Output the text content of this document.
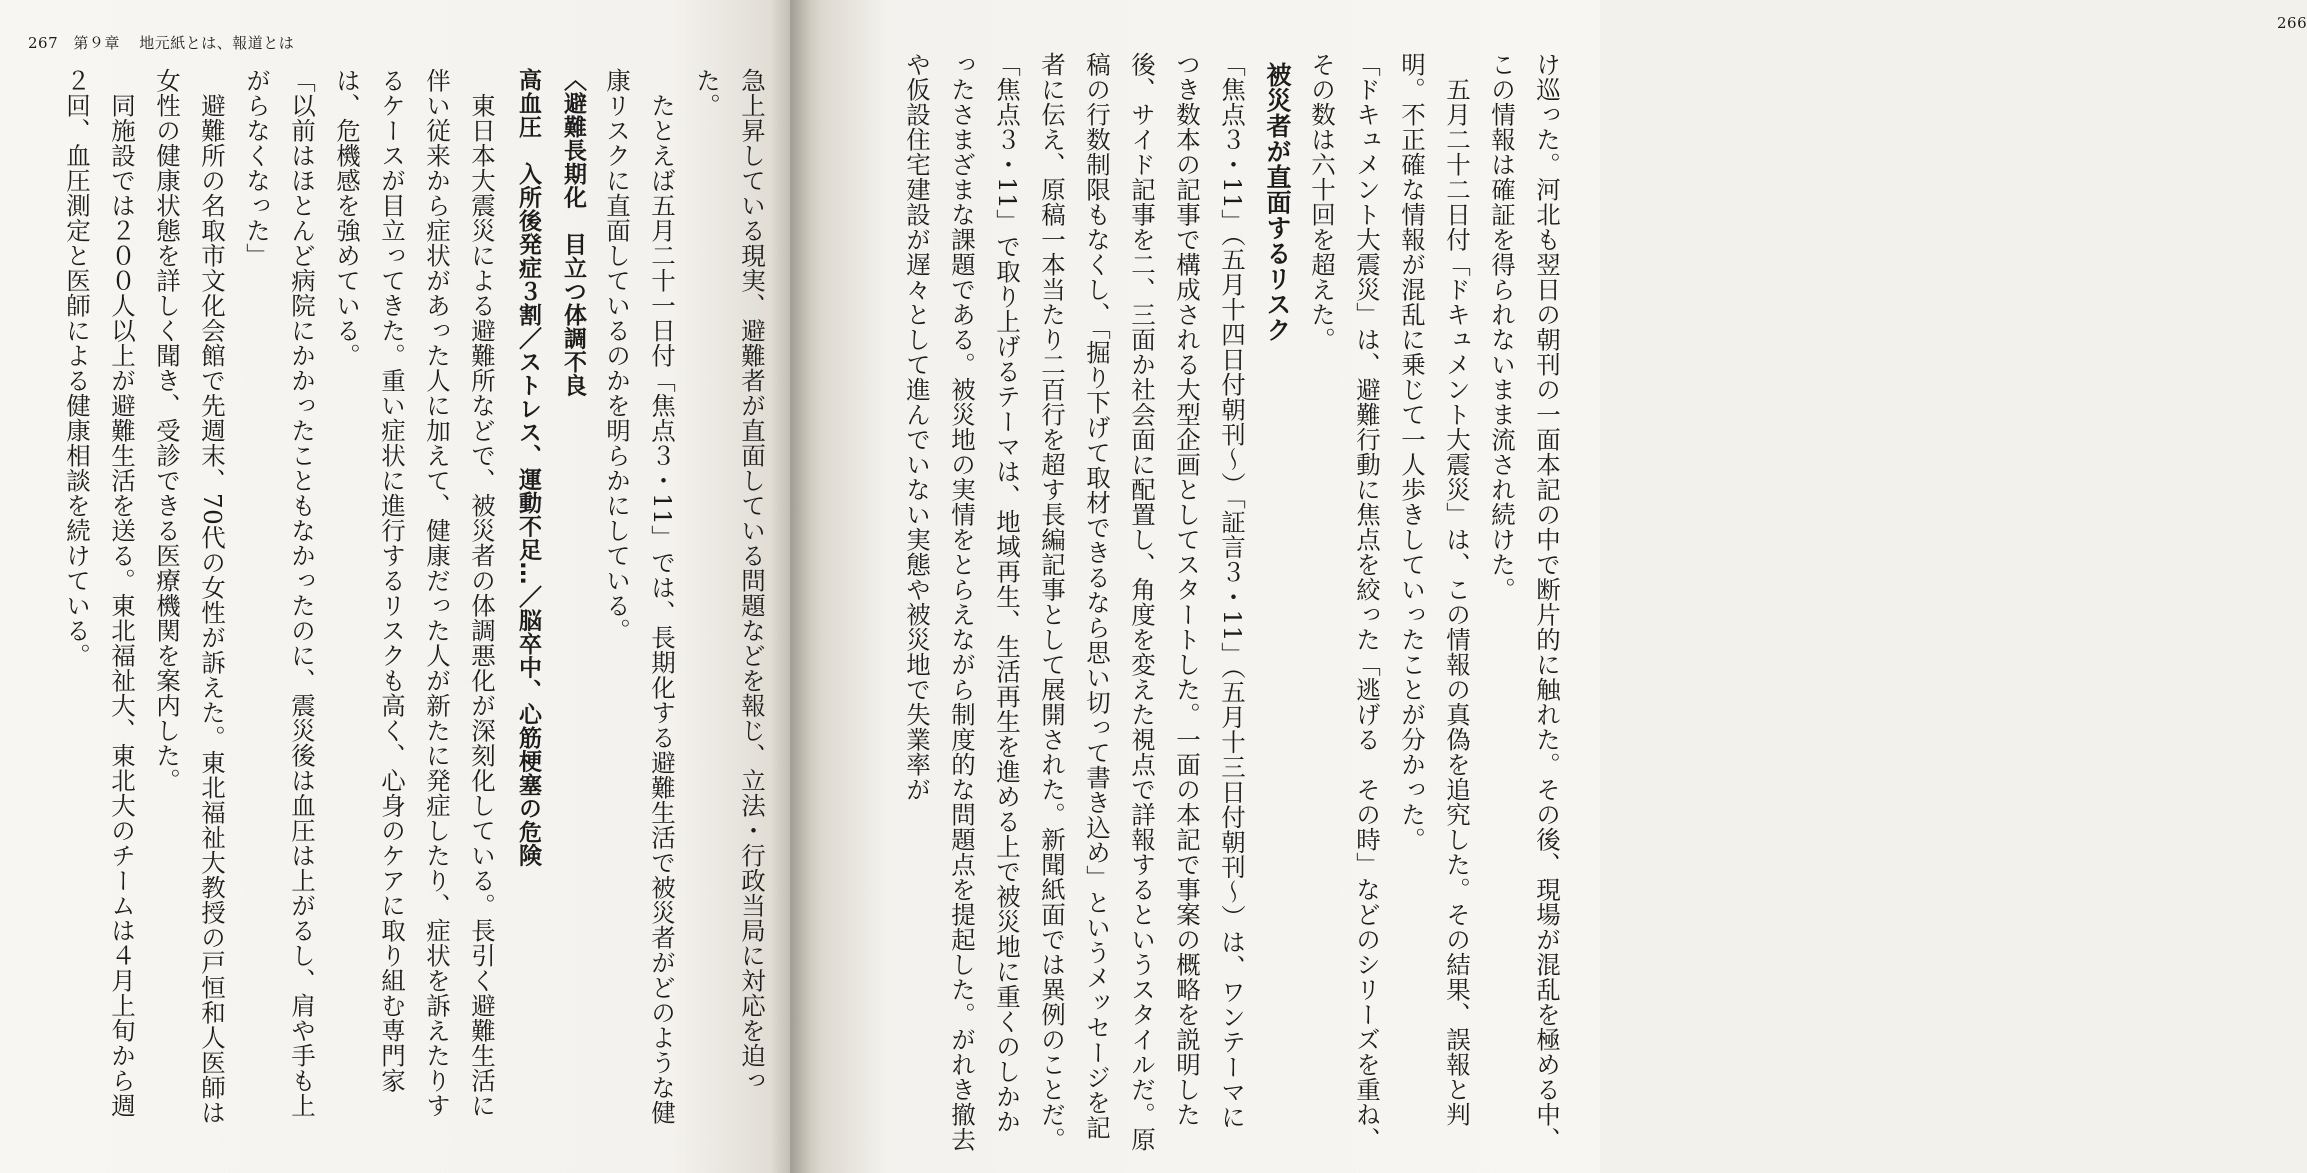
267 第９章 地元紙とは、報道とは
266

け巡った。河北も翌日の朝刊の一面本記の中で断片的に触れた。その後、現場が混乱を極める中、この情報は確証を得られないまま流され続けた。

五月二十二日付「ドキュメント大震災」は、この情報の真偽を追究した。その結果、誤報と判明。不正確な情報が混乱に乗じて一人歩きしていったことが分かった。

「ドキュメント大震災」は、避難行動に焦点を絞った「逃げる　その時」などのシリーズを重ね、その数は六十回を超えた。

被災者が直面するリスク

「焦点３・11」（五月十四日付朝刊〜）「証言３・11」（五月十三日付朝刊〜）は、ワンテーマにつき数本の記事で構成される大型企画としてスタートした。一面の本記で事案の概略を説明した後、サイド記事を二、三面か社会面に配置し、角度を変えた視点で詳報するというスタイルだ。原稿の行数制限もなくし、「掘り下げて取材できるなら思い切って書き込め」というメッセージを記者に伝え、原稿一本当たり二百行を超す長編記事として展開された。新聞紙面では異例のことだ。

「焦点３・11」で取り上げるテーマは、地域再生、生活再生を進める上で被災地に重くのしかかったさまざまな課題である。被災地の実情をとらえながら制度的な問題点を提起した。がれき撤去や仮設住宅建設が遅々として進んでいない実態や被災地で失業率が

急上昇している現実、避難者が直面している問題などを報じ、立法・行政当局に対応を迫った。

たとえば五月二十一日付「焦点３・11」では、長期化する避難生活で被災者がどのような健康リスクに直面しているのかを明らかにしている。

〈避難長期化　目立つ体調不良

高血圧　入所後発症３割／ストレス、運動不足…／脳卒中、心筋梗塞の危険

東日本大震災による避難所などで、被災者の体調悪化が深刻化している。長引く避難生活に伴い従来から症状があった人に加えて、健康だった人が新たに発症したり、症状を訴えたりするケースが目立ってきた。重い症状に進行するリスクも高く、心身のケアに取り組む専門家は、危機感を強めている。

「以前はほとんど病院にかかったこともなかったのに、震災後は血圧は上がるし、肩や手も上がらなくなった」

避難所の名取市文化会館で先週末、70代の女性が訴えた。東北福祉大教授の戸恒和人医師は女性の健康状態を詳しく聞き、受診できる医療機関を案内した。

同施設では２００人以上が避難生活を送る。東北福祉大、東北大のチームは４月上旬から週２回、血圧測定と医師による健康相談を続けている。
